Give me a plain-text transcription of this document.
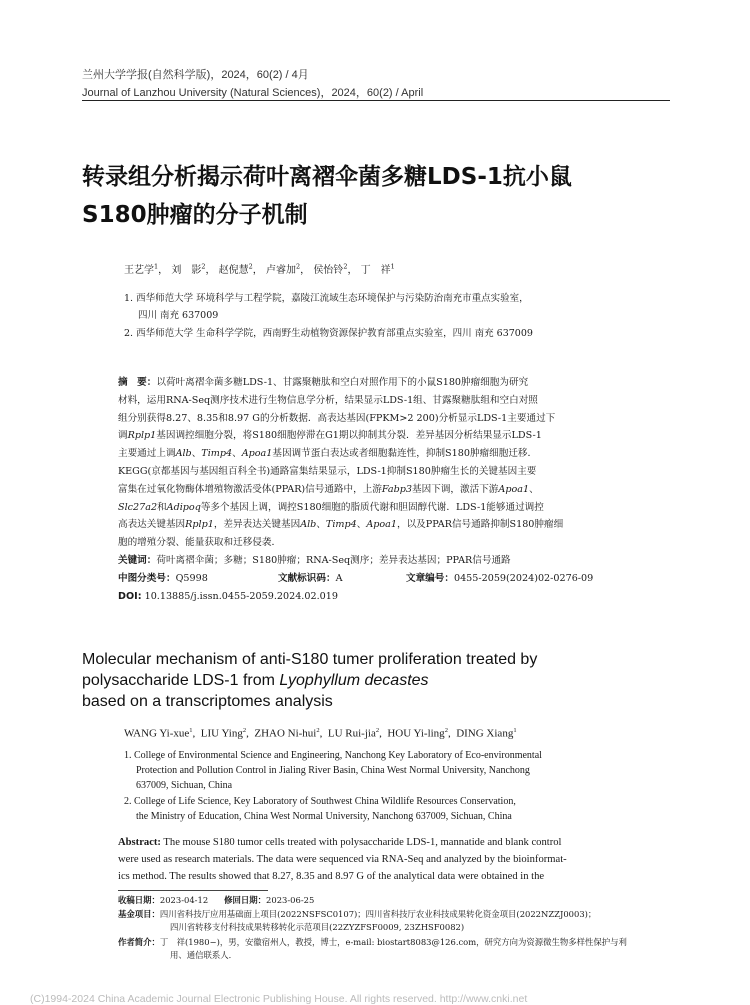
兰州大学学报(自然科学版)，2024，60(2) / 4月
Journal of Lanzhou University (Natural Sciences)，2024，60(2) / April
转录组分析揭示荷叶离褶伞菌多糖LDS-1抗小鼠
S180肿瘤的分子机制
王艺学$^1$， 刘　影$^2$， 赵倪慧$^2$， 卢睿加$^2$， 侯怡铃$^2$， 丁　祥$^1$
1. 西华师范大学 环境科学与工程学院，嘉陵江流域生态环境保护与污染防治南充市重点实验室，
四川 南充 637009
2. 西华师范大学 生命科学学院，西南野生动植物资源保护教育部重点实验室，四川 南充 637009
摘　要：以荷叶离褶伞菌多糖LDS-1、甘露聚糖肽和空白对照作用下的小鼠S180肿瘤细胞为研究
材料，运用RNA-Seq测序技术进行生物信息学分析，结果显示LDS-1组、甘露聚糖肽组和空白对照
组分别获得8.27、8.35和8.97 G的分析数据．高表达基因(FPKM>2 200)分析显示LDS-1主要通过下
调Rplp1基因调控细胞分裂，将S180细胞停滞在G1期以抑制其分裂．差异基因分析结果显示LDS-1
主要通过上调Alb、Timp4、Apoa1基因调节蛋白表达或者细胞黏连性，抑制S180肿瘤细胞迁移．
KEGG(京都基因与基因组百科全书)通路富集结果显示，LDS-1抑制S180肿瘤生长的关键基因主要
富集在过氧化物酶体增殖物激活受体(PPAR)信号通路中，上游Fabp3基因下调，激活下游Apoa1、
Slc27a2和Adipoq等多个基因上调，调控S180细胞的脂质代谢和胆固醇代谢．LDS-1能够通过调控
高表达关键基因Rplp1，差异表达关键基因Alb、Timp4、Apoa1，以及PPAR信号通路抑制S180肿瘤细
胞的增殖分裂、能量获取和迁移侵袭．
关键词：荷叶离褶伞菌；多糖；S180肿瘤；RNA-Seq测序；差异表达基因；PPAR信号通路
中图分类号：Q5998	文献标识码：A	文章编号：0455-2059(2024)02-0276-09
DOI: 10.13885/j.issn.0455-2059.2024.02.019
Molecular mechanism of anti-S180 tumer proliferation treated by
polysaccharide LDS-1 from Lyophyllum decastes
based on a transcriptomes analysis
WANG Yi-xue$^1$,  LIU Ying$^2$,  ZHAO Ni-hui$^2$,  LU Rui-jia$^2$,  HOU Yi-ling$^2$,  DING Xiang$^1$
1. College of Environmental Science and Engineering, Nanchong Key Laboratory of Eco-environmental
Protection and Pollution Control in Jialing River Basin, China West Normal University, Nanchong
637009, Sichuan, China
2. College of Life Science, Key Laboratory of Southwest China Wildlife Resources Conservation,
the Ministry of Education, China West Normal University, Nanchong 637009, Sichuan, China
Abstract: The mouse S180 tumor cells treated with polysaccharide LDS-1, mannatide and blank control
were used as research materials. The data were sequenced via RNA-Seq and analyzed by the bioinformat-
ics method. The results showed that 8.27, 8.35 and 8.97 G of the analytical data were obtained in the
收稿日期：2023-04-12 修回日期：2023-06-25
基金项目：四川省科技厅应用基础面上项目(2022NSFSC0107)；四川省科技厅农业科技成果转化资金项目(2022NZZJ0003)；
四川省转移支付科技成果转移转化示范项目(22ZYZFSF0009, 23ZHSF0082)
作者简介：丁　祥(1980−)，男，安徽宿州人，教授，博士，e-mail: biostart8083@126.com，研究方向为资源微生物多样性保护与利
用、通信联系人．
(C)1994-2024 China Academic Journal Electronic Publishing House. All rights reserved. http://www.cnki.net
